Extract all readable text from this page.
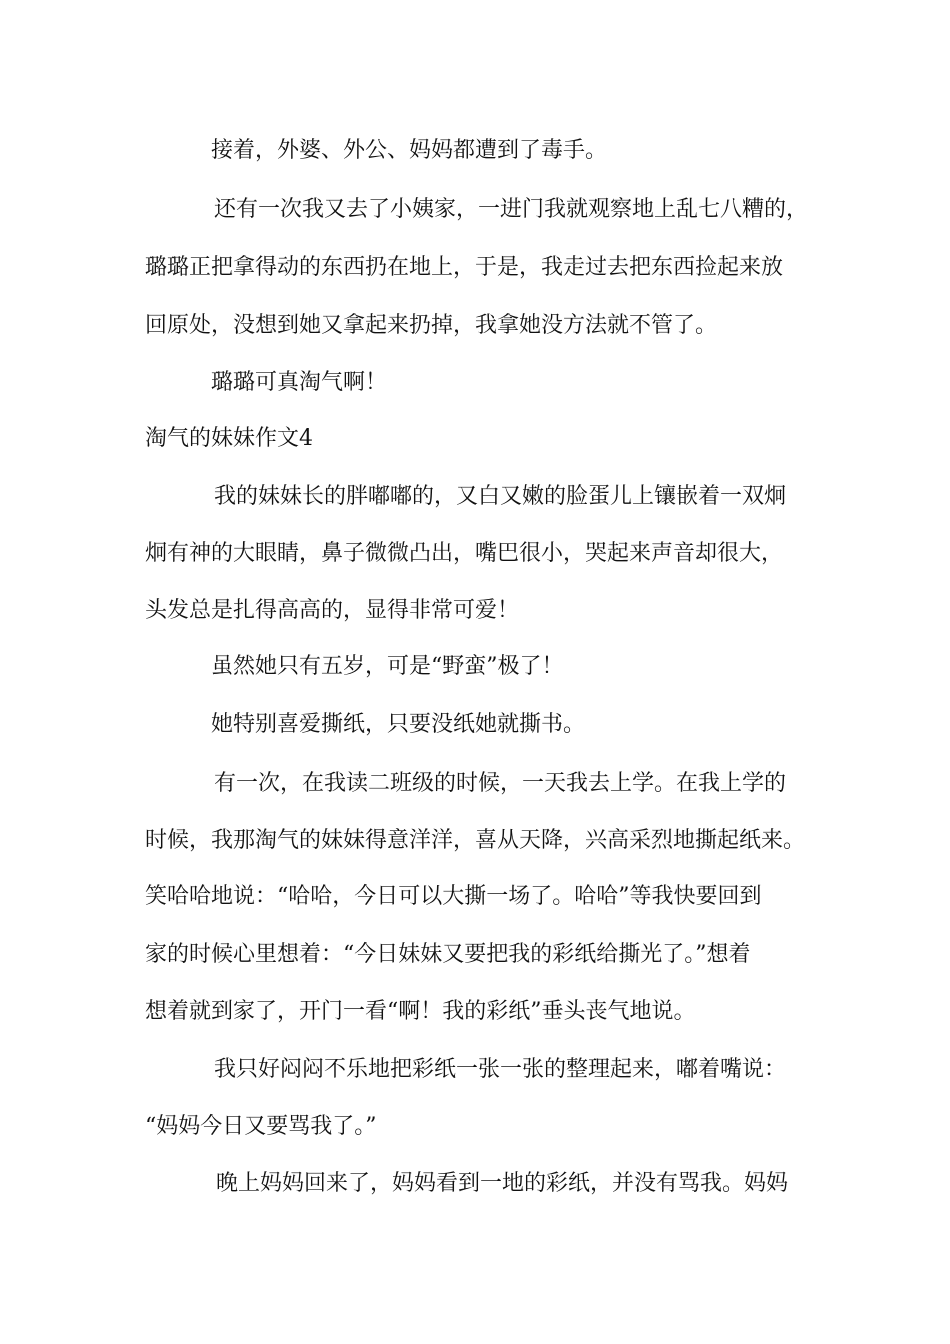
接着，外婆、外公、妈妈都遭到了毒手。
还有一次我又去了小姨家，一进门我就观察地上乱七八糟的，
璐璐正把拿得动的东西扔在地上，于是，我走过去把东西捡起来放
回原处，没想到她又拿起来扔掉，我拿她没方法就不管了。
璐璐可真淘气啊！
淘气的妹妹作文4
我的妹妹长的胖嘟嘟的，又白又嫩的脸蛋儿上镶嵌着一双炯
炯有神的大眼睛，鼻子微微凸出，嘴巴很小，哭起来声音却很大，
头发总是扎得高高的，显得非常可爱！
虽然她只有五岁，可是“野蛮”极了！
她特别喜爱撕纸，只要没纸她就撕书。
有一次，在我读二班级的时候，一天我去上学。在我上学的
时候，我那淘气的妹妹得意洋洋，喜从天降，兴高采烈地撕起纸来。
笑哈哈地说：“哈哈，今日可以大撕一场了。哈哈”等我快要回到
家的时候心里想着：“今日妹妹又要把我的彩纸给撕光了。”想着
想着就到家了，开门一看“啊！我的彩纸”垂头丧气地说。
我只好闷闷不乐地把彩纸一张一张的整理起来，嘟着嘴说：
“妈妈今日又要骂我了。”
晚上妈妈回来了，妈妈看到一地的彩纸，并没有骂我。妈妈
